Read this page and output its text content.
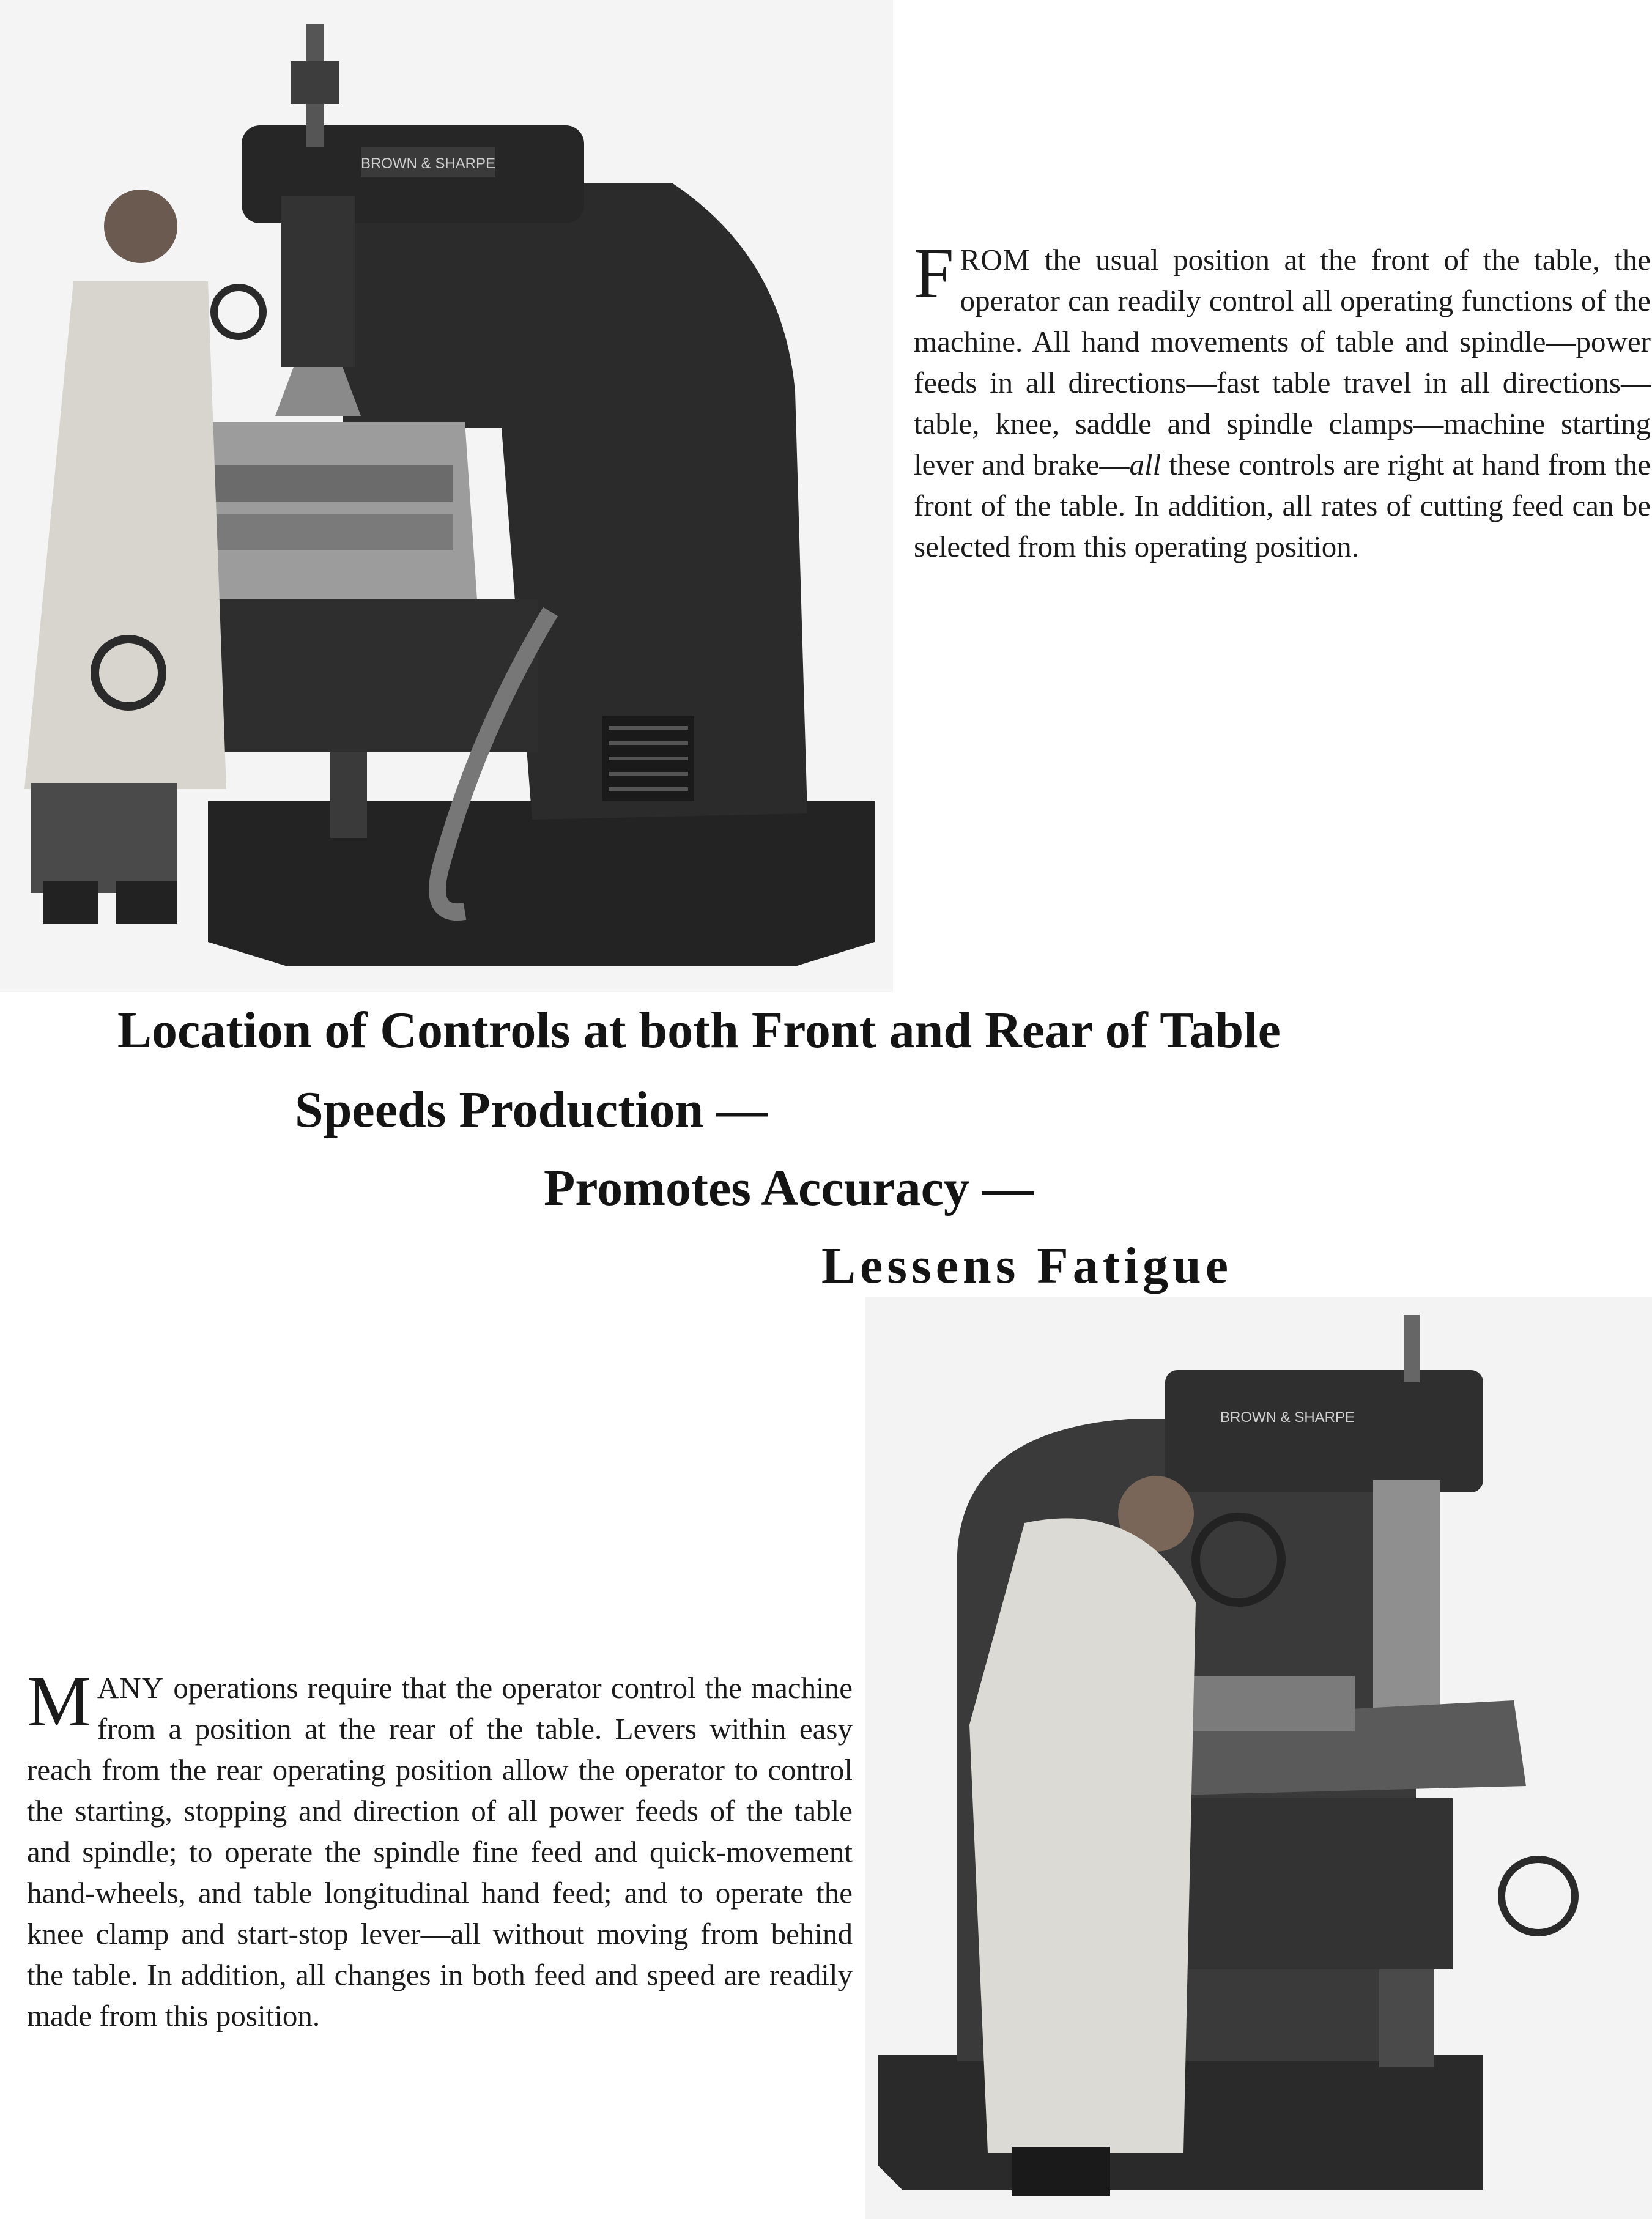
BROWN & SHARPE
FROM the usual position at the front of the table, the operator can readily control all operating functions of the machine. All hand movements of table and spindle—power feeds in all directions—fast table travel in all directions—table, knee, saddle and spindle clamps—machine starting lever and brake—all these controls are right at hand from the front of the table. In addition, all rates of cutting feed can be selected from this operating position.
Location of Controls at both Front and Rear of Table
Speeds Production —
Promotes Accuracy —
Lessens Fatigue
MANY operations require that the operator control the machine from a position at the rear of the table. Levers within easy reach from the rear operating position allow the operator to control the starting, stopping and direction of all power feeds of the table and spindle; to operate the spindle fine feed and quick-movement hand-wheels, and table longitudinal hand feed; and to operate the knee clamp and start-stop lever—all without moving from behind the table. In addition, all changes in both feed and speed are readily made from this position.
BROWN & SHARPE
